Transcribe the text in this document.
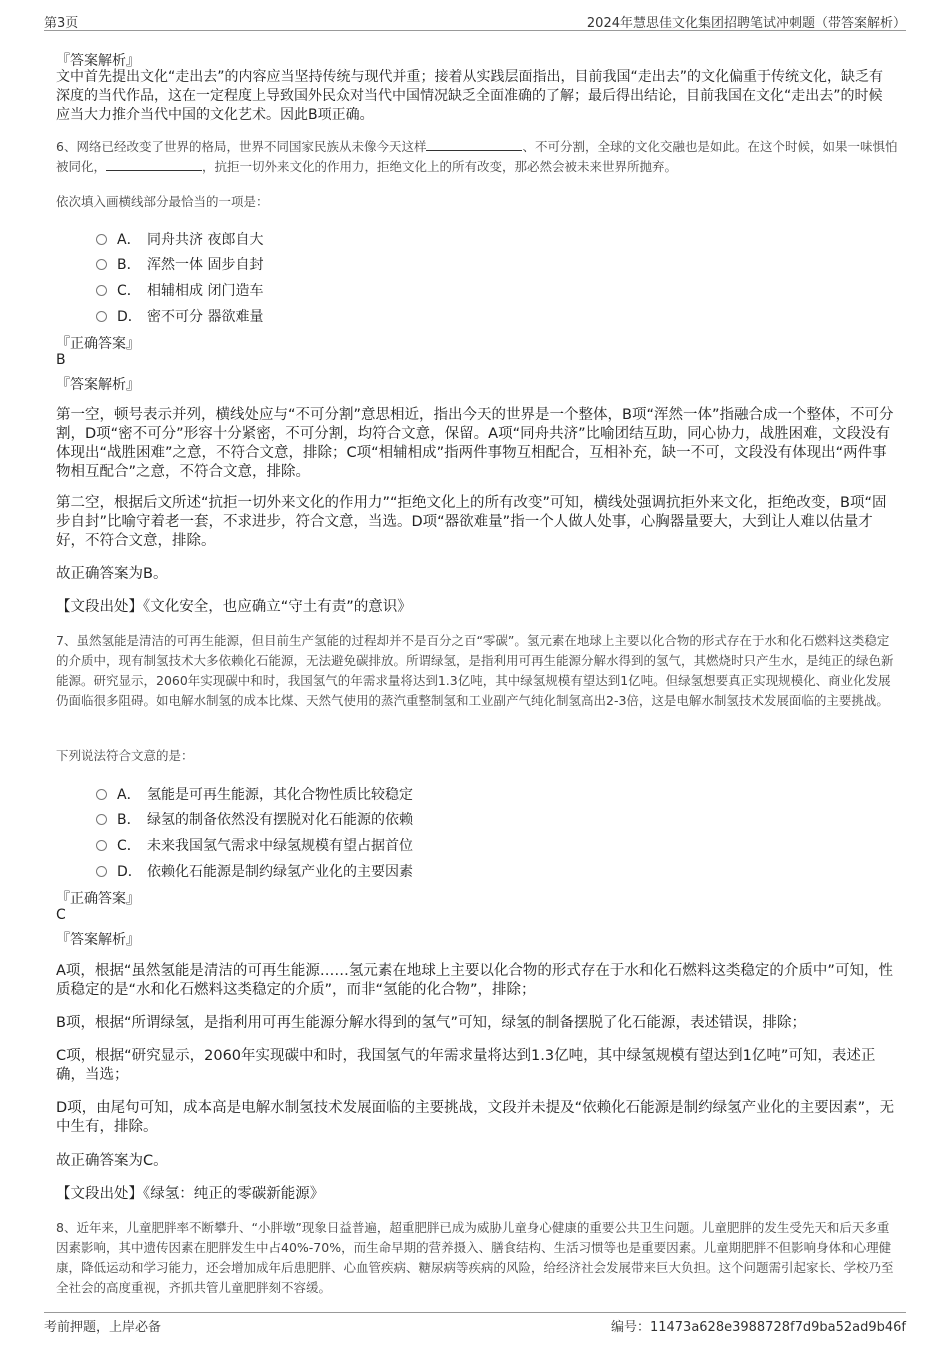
第3页	2024年慧思佳文化集团招聘笔试冲刺题（带答案解析）
『答案解析』
文中首先提出文化“走出去”的内容应当坚持传统与现代并重；接着从实践层面指出，目前我国“走出去”的文化偏重于传统文化，缺乏有深度的当代作品，这在一定程度上导致国外民众对当代中国情况缺乏全面准确的了解；最后得出结论，目前我国在文化“走出去”的时候应当大力推介当代中国的文化艺术。因此B项正确。
6、网络已经改变了世界的格局，世界不同国家民族从未像今天这样	、不可分割，全球的文化交融也是如此。在这个时候，如果一味惧怕被同化，	，抗拒一切外来文化的作用力，拒绝文化上的所有改变，那必然会被未来世界所抛弃。
依次填入画横线部分最恰当的一项是：
A． 同舟共济 夜郎自大
B． 浑然一体 固步自封
C． 相辅相成 闭门造车
D． 密不可分 器欲难量
『正确答案』
B
『答案解析』
第一空，顿号表示并列，横线处应与“不可分割”意思相近，指出今天的世界是一个整体，B项“浑然一体”指融合成一个整体，不可分割，D项“密不可分”形容十分紧密，不可分割，均符合文意，保留。A项“同舟共济”比喻团结互助，同心协力，战胜困难，文段没有体现出“战胜困难”之意，不符合文意，排除；C项“相辅相成”指两件事物互相配合，互相补充，缺一不可，文段没有体现出“两件事物相互配合”之意，不符合文意，排除。
第二空，根据后文所述“抗拒一切外来文化的作用力”“拒绝文化上的所有改变”可知，横线处强调抗拒外来文化，拒绝改变，B项“固步自封”比喻守着老一套，不求进步，符合文意，当选。D项“器欲难量”指一个人做人处事，心胸器量要大，大到让人难以估量才好，不符合文意，排除。
故正确答案为B。
【文段出处】《文化安全，也应确立“守土有责”的意识》
7、虽然氢能是清洁的可再生能源，但目前生产氢能的过程却并不是百分之百“零碳”。氢元素在地球上主要以化合物的形式存在于水和化石燃料这类稳定的介质中，现有制氢技术大多依赖化石能源，无法避免碳排放。所谓绿氢，是指利用可再生能源分解水得到的氢气，其燃烧时只产生水，是纯正的绿色新能源。研究显示，2060年实现碳中和时，我国氢气的年需求量将达到1.3亿吨，其中绿氢规模有望达到1亿吨。但绿氢想要真正实现规模化、商业化发展仍面临很多阻碍。如电解水制氢的成本比煤、天然气使用的蒸汽重整制氢和工业副产气纯化制氢高出2-3倍，这是电解水制氢技术发展面临的主要挑战。
下列说法符合文意的是：
A． 氢能是可再生能源，其化合物性质比较稳定
B． 绿氢的制备依然没有摆脱对化石能源的依赖
C． 未来我国氢气需求中绿氢规模有望占据首位
D． 依赖化石能源是制约绿氢产业化的主要因素
『正确答案』
C
『答案解析』
A项，根据“虽然氢能是清洁的可再生能源……氢元素在地球上主要以化合物的形式存在于水和化石燃料这类稳定的介质中”可知，性质稳定的是“水和化石燃料这类稳定的介质”，而非“氢能的化合物”，排除；
B项，根据“所谓绿氢，是指利用可再生能源分解水得到的氢气”可知，绿氢的制备摆脱了化石能源，表述错误，排除；
C项，根据“研究显示，2060年实现碳中和时，我国氢气的年需求量将达到1.3亿吨，其中绿氢规模有望达到1亿吨”可知，表述正确，当选；
D项，由尾句可知，成本高是电解水制氢技术发展面临的主要挑战，文段并未提及“依赖化石能源是制约绿氢产业化的主要因素”，无中生有，排除。
故正确答案为C。
【文段出处】《绿氢：纯正的零碳新能源》
8、近年来，儿童肥胖率不断攀升、“小胖墩”现象日益普遍，超重肥胖已成为威胁儿童身心健康的重要公共卫生问题。儿童肥胖的发生受先天和后天多重因素影响，其中遗传因素在肥胖发生中占40%-70%，而生命早期的营养摄入、膳食结构、生活习惯等也是重要因素。儿童期肥胖不但影响身体和心理健康，降低运动和学习能力，还会增加成年后患肥胖、心血管疾病、糖尿病等疾病的风险，给经济社会发展带来巨大负担。这个问题需引起家长、学校乃至全社会的高度重视，齐抓共管儿童肥胖刻不容缓。
考前押题，上岸必备	编号：11473a628e3988728f7d9ba52ad9b46f
